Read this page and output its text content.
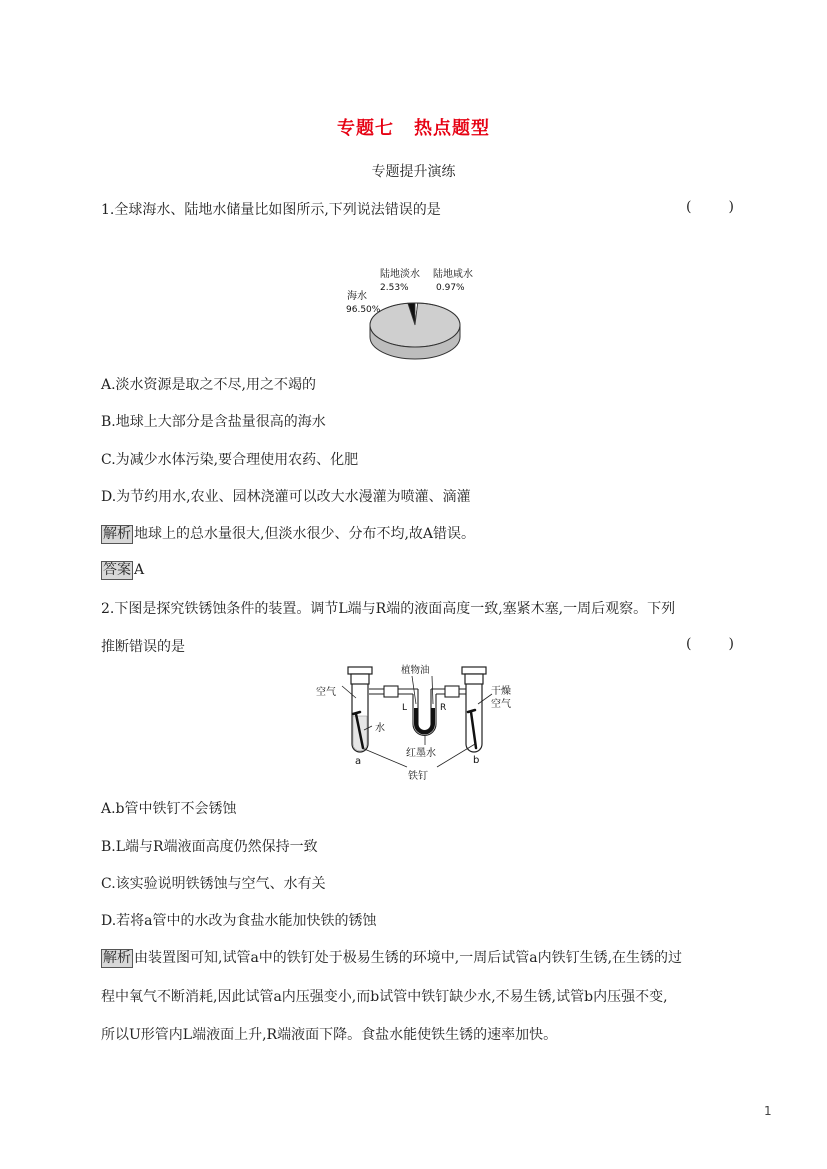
专题七 热点题型
专题提升演练
1.全球海水、陆地水储量比如图所示,下列说法错误的是	(	)
陆地淡水
2.53%
陆地咸水
0.97%
海水
96.50%
A.淡水资源是取之不尽,用之不竭的
B.地球上大部分是含盐量很高的海水
C.为减少水体污染,要合理使用农药、化肥
D.为节约用水,农业、园林浇灌可以改大水漫灌为喷灌、滴灌
解析 地球上的总水量很大,但淡水很少、分布不均,故A错误。
答案 A
2.下图是探究铁锈蚀条件的装置。调节L端与R端的液面高度一致,塞紧木塞,一周后观察。下列
推断错误的是	(	)
植物油
空气
水
L	R
干燥
空气
红墨水
铁钉
a	b
A.b管中铁钉不会锈蚀
B.L端与R端液面高度仍然保持一致
C.该实验说明铁锈蚀与空气、水有关
D.若将a管中的水改为食盐水能加快铁的锈蚀
解析 由装置图可知,试管a中的铁钉处于极易生锈的环境中,一周后试管a内铁钉生锈,在生锈的过
程中氧气不断消耗,因此试管a内压强变小,而b试管中铁钉缺少水,不易生锈,试管b内压强不变,
所以U形管内L端液面上升,R端液面下降。食盐水能使铁生锈的速率加快。
1
